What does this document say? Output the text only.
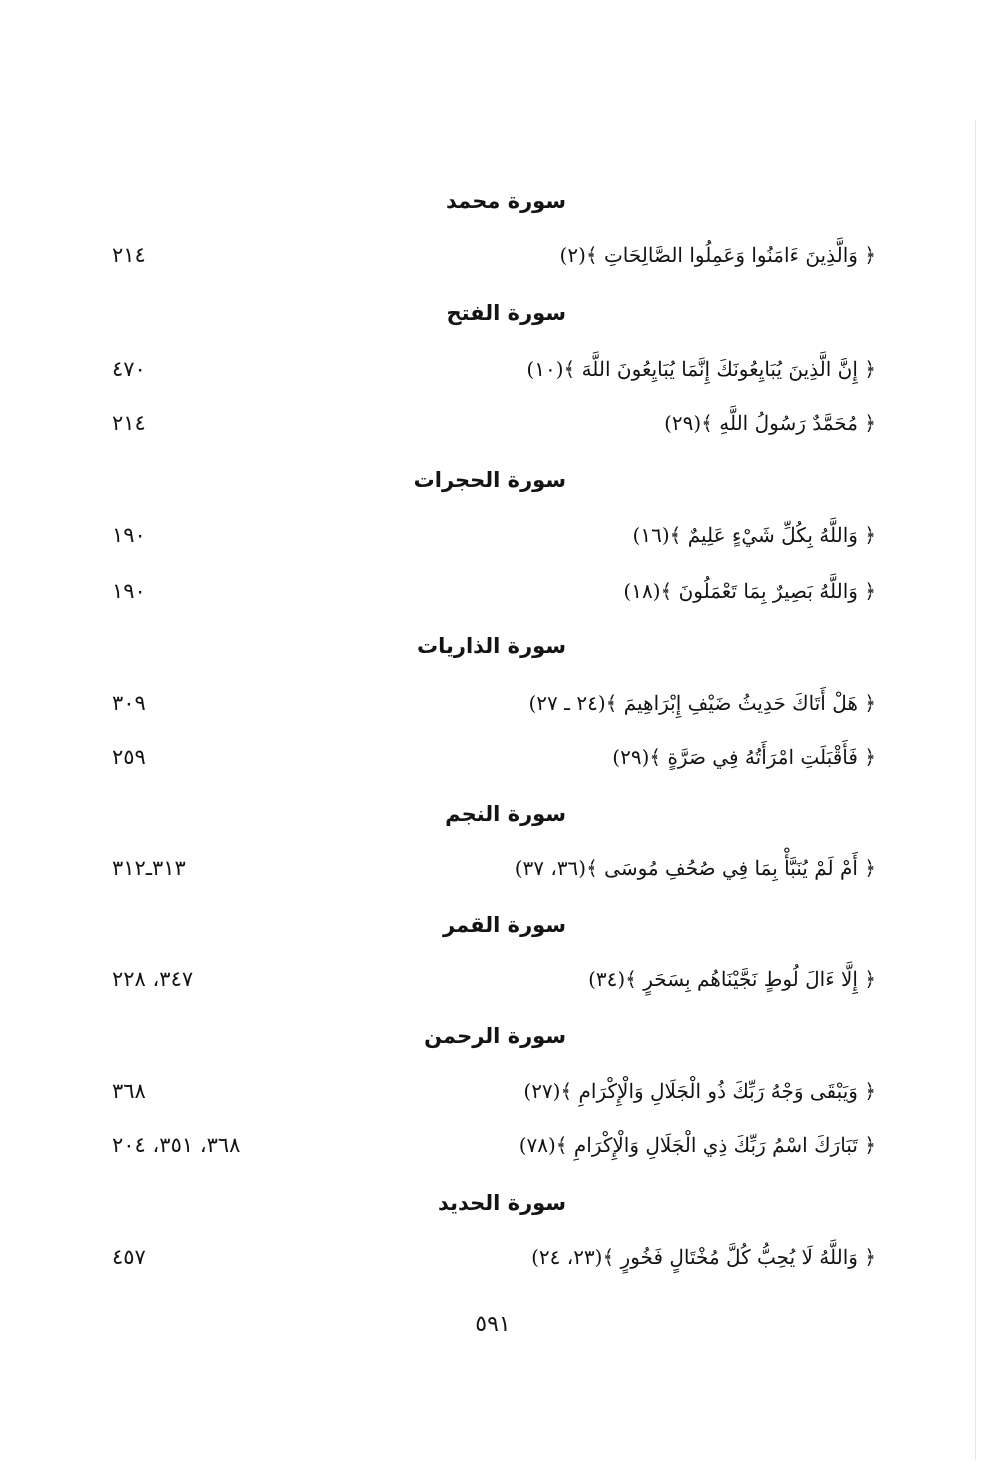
سورة محمد
﴿ وَالَّذِينَ ءَامَنُوا وَعَمِلُوا الصَّالِحَاتِ ﴾(٢)
٢١٤
سورة الفتح
﴿ إِنَّ الَّذِينَ يُبَايِعُونَكَ إِنَّمَا يُبَايِعُونَ اللَّهَ ﴾(١٠)
٤٧٠
﴿ مُحَمَّدٌ رَسُولُ اللَّهِ ﴾(٢٩)
٢١٤
سورة الحجرات
﴿ وَاللَّهُ بِكُلِّ شَيْءٍ عَلِيمٌ ﴾(١٦)
١٩٠
﴿ وَاللَّهُ بَصِيرٌ بِمَا تَعْمَلُونَ ﴾(١٨)
١٩٠
سورة الذاريات
﴿ هَلْ أَتَاكَ حَدِيثُ ضَيْفِ إِبْرَاهِيمَ ﴾(٢٤ ـ ٢٧)
٣٠٩
﴿ فَأَقْبَلَتِ امْرَأَتُهُ فِي صَرَّةٍ ﴾(٢٩)
٢٥٩
سورة النجم
﴿ أَمْ لَمْ يُنَبَّأْ بِمَا فِي صُحُفِ مُوسَى ﴾(٣٦، ٣٧)
٣١٣ـ٣١٢
سورة القمر
﴿ إِلَّا ءَالَ لُوطٍ نَجَّيْنَاهُم بِسَحَرٍ ﴾(٣٤)
٣٤٧، ٢٢٨
سورة الرحمن
﴿ وَيَبْقَى وَجْهُ رَبِّكَ ذُو الْجَلَالِ وَالْإِكْرَامِ ﴾(٢٧)
٣٦٨
﴿ تَبَارَكَ اسْمُ رَبِّكَ ذِي الْجَلَالِ وَالْإِكْرَامِ ﴾(٧٨)
٣٦٨، ٣٥١، ٢٠٤
سورة الحديد
﴿ وَاللَّهُ لَا يُحِبُّ كُلَّ مُخْتَالٍ فَخُورٍ ﴾(٢٣، ٢٤)
٤٥٧
٥٩١
